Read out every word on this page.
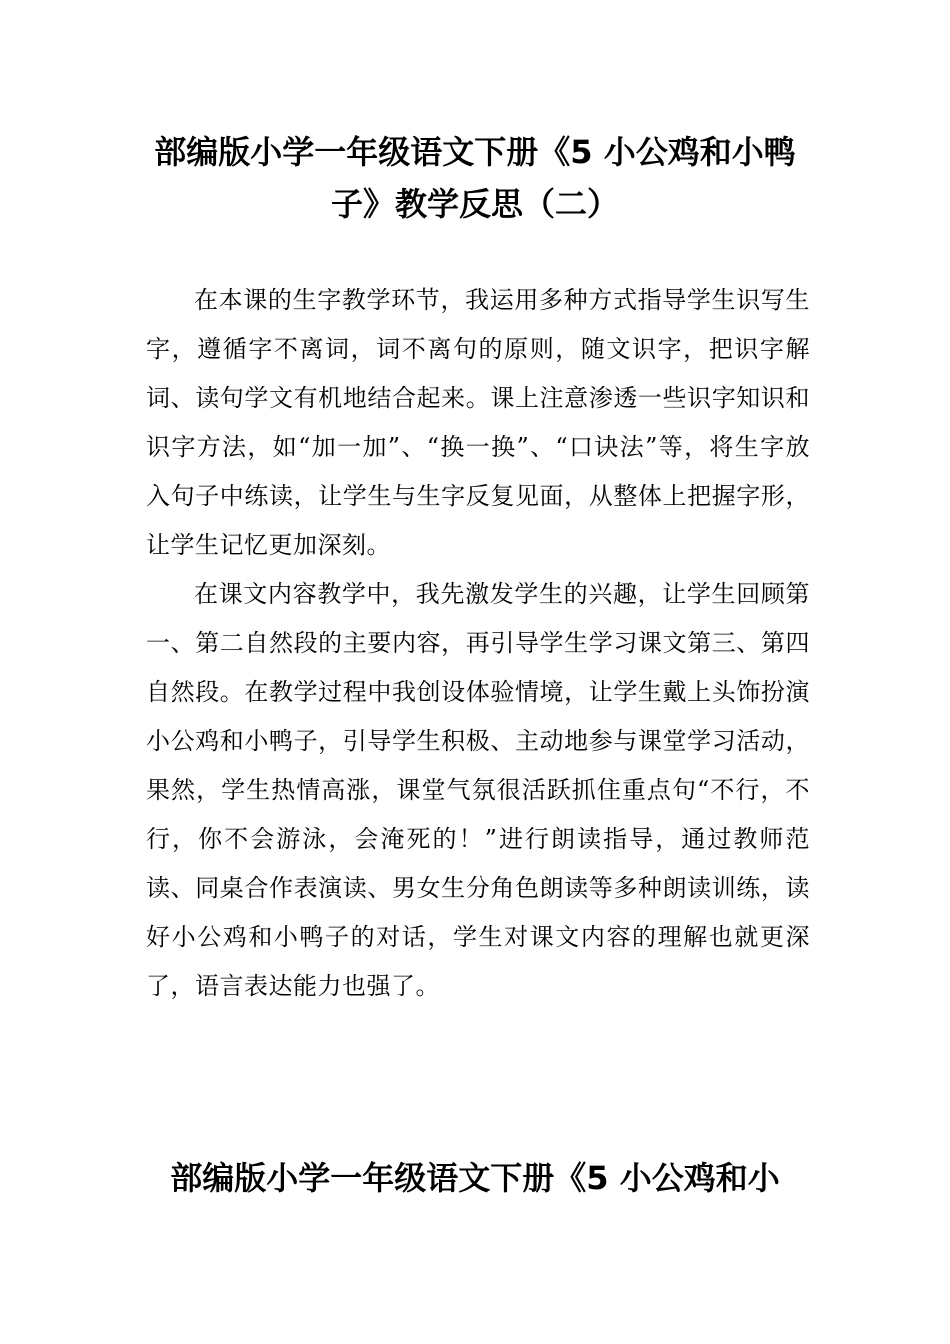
部编版小学一年级语文下册《5 小公鸡和小鸭子》教学反思（二）

在本课的生字教学环节，我运用多种方式指导学生识写生字，遵循字不离词，词不离句的原则，随文识字，把识字解词、读句学文有机地结合起来。课上注意渗透一些识字知识和识字方法，如“加一加”、“换一换”、“口诀法”等，将生字放入句子中练读，让学生与生字反复见面，从整体上把握字形，让学生记忆更加深刻。

在课文内容教学中，我先激发学生的兴趣，让学生回顾第一、第二自然段的主要内容，再引导学生学习课文第三、第四自然段。在教学过程中我创设体验情境，让学生戴上头饰扮演小公鸡和小鸭子，引导学生积极、主动地参与课堂学习活动，果然，学生热情高涨，课堂气氛很活跃抓住重点句“不行，不行，你不会游泳，会淹死的！”进行朗读指导，通过教师范读、同桌合作表演读、男女生分角色朗读等多种朗读训练，读好小公鸡和小鸭子的对话，学生对课文内容的理解也就更深了，语言表达能力也强了。

部编版小学一年级语文下册《5 小公鸡和小
